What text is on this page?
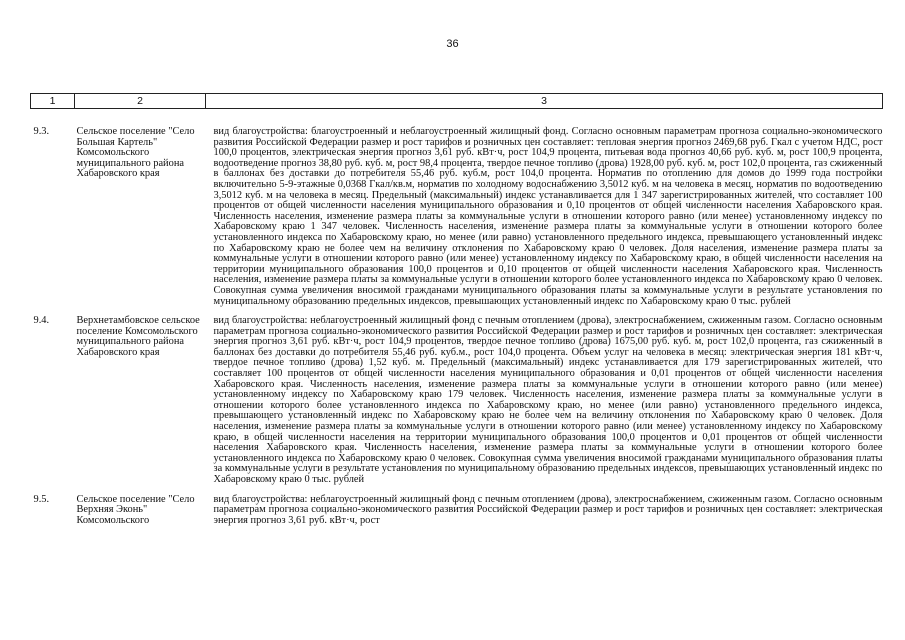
36
1	2	3
9.3.	Сельское поселение "Село Большая Картель" Комсомольского муниципального района Хабаровского края	вид благоустройства: благоустроенный и неблагоустроенный жилищный фонд. Согласно основным параметрам прогноза социально-экономического развития Российской Федерации размер и рост тарифов и розничных цен составляет: тепловая энергия прогноз 2469,68 руб. Гкал с учетом НДС, рост 100,0 процентов, электрическая энергия прогноз 3,61 руб. кВт·ч, рост 104,9 процента, питьевая вода прогноз 40,66 руб. куб. м, рост 100,9 процента, водоотведение прогноз 38,80 руб. куб. м, рост 98,4 процента, твердое печное топливо (дрова) 1928,00 руб. куб. м, рост 102,0 процента, газ сжиженный в баллонах без доставки до потребителя 55,46 руб. куб.м, рост 104,0 процента. Норматив по отоплению для домов до 1999 года постройки включительно 5-9-этажные 0,0368 Гкал/кв.м, норматив по холодному водоснабжению 3,5012 куб. м на человека в месяц, норматив по водоотведению 3,5012 куб. м на человека в месяц. Предельный (максимальный) индекс устанавливается для 1 347 зарегистрированных жителей, что составляет 100 процентов от общей численности населения муниципального образования и 0,10 процентов от общей численности населения Хабаровского края. Численность населения, изменение размера платы за коммунальные услуги в отношении которого равно (или менее) установленному индексу по Хабаровскому краю 1 347 человек. Численность населения, изменение размера платы за коммунальные услуги в отношении которого более установленного индекса по Хабаровскому краю, но менее (или равно) установленного предельного индекса, превышающего установленный индекс по Хабаровскому краю не более чем на величину отклонения по Хабаровскому краю 0 человек. Доля населения, изменение размера платы за коммунальные услуги в отношении которого равно (или менее) установленному индексу по Хабаровскому краю, в общей численности населения на территории муниципального образования 100,0 процентов и 0,10 процентов от общей численности населения Хабаровского края. Численность населения, изменение размера платы за коммунальные услуги в отношении которого более установленного индекса по Хабаровскому краю 0 человек. Совокупная сумма увеличения вносимой гражданами муниципального образования платы за коммунальные услуги в результате установления по муниципальному образованию предельных индексов, превышающих установленный индекс по Хабаровскому краю 0 тыс. рублей
9.4.	Верхнетамбовское сельское поселение Комсомольского муниципального района Хабаровского края	вид благоустройства: неблагоустроенный жилищный фонд с печным отоплением (дрова), электроснабжением, сжиженным газом. Согласно основным параметрам прогноза социально-экономического развития Российской Федерации размер и рост тарифов и розничных цен составляет: электрическая энергия прогноз 3,61 руб. кВт·ч, рост 104,9 процентов, твердое печное топливо (дрова) 1675,00 руб. куб. м, рост 102,0 процента, газ сжиженный в баллонах без доставки до потребителя 55,46 руб. куб.м., рост 104,0 процента. Объем услуг на человека в месяц: электрическая энергия 181 кВт·ч, твердое печное топливо (дрова) 1,52 куб. м. Предельный (максимальный) индекс устанавливается для 179 зарегистрированных жителей, что составляет 100 процентов от общей численности населения муниципального образования и 0,01 процентов от общей численности населения Хабаровского края. Численность населения, изменение размера платы за коммунальные услуги в отношении которого равно (или менее) установленному индексу по Хабаровскому краю 179 человек. Численность населения, изменение размера платы за коммунальные услуги в отношении которого более установленного индекса по Хабаровскому краю, но менее (или равно) установленного предельного индекса, превышающего установленный индекс по Хабаровскому краю не более чем на величину отклонения по Хабаровскому краю 0 человек. Доля населения, изменение размера платы за коммунальные услуги в отношении которого равно (или менее) установленному индексу по Хабаровскому краю, в общей численности населения на территории муниципального образования 100,0 процентов и 0,01 процентов от общей численности населения Хабаровского края. Численность населения, изменение размера платы за коммунальные услуги в отношении которого более установленного индекса по Хабаровскому краю 0 человек. Совокупная сумма увеличения вносимой гражданами муниципального образования платы за коммунальные услуги в результате установления по муниципальному образованию предельных индексов, превышающих установленный индекс по Хабаровскому краю 0 тыс. рублей
9.5.	Сельское поселение "Село Верхняя Эконь" Комсомольского	вид благоустройства: неблагоустроенный жилищный фонд с печным отоплением (дрова), электроснабжением, сжиженным газом. Согласно основным параметрам прогноза социально-экономического развития Российской Федерации размер и рост тарифов и розничных цен составляет: электрическая энергия прогноз 3,61 руб. кВт·ч, рост
